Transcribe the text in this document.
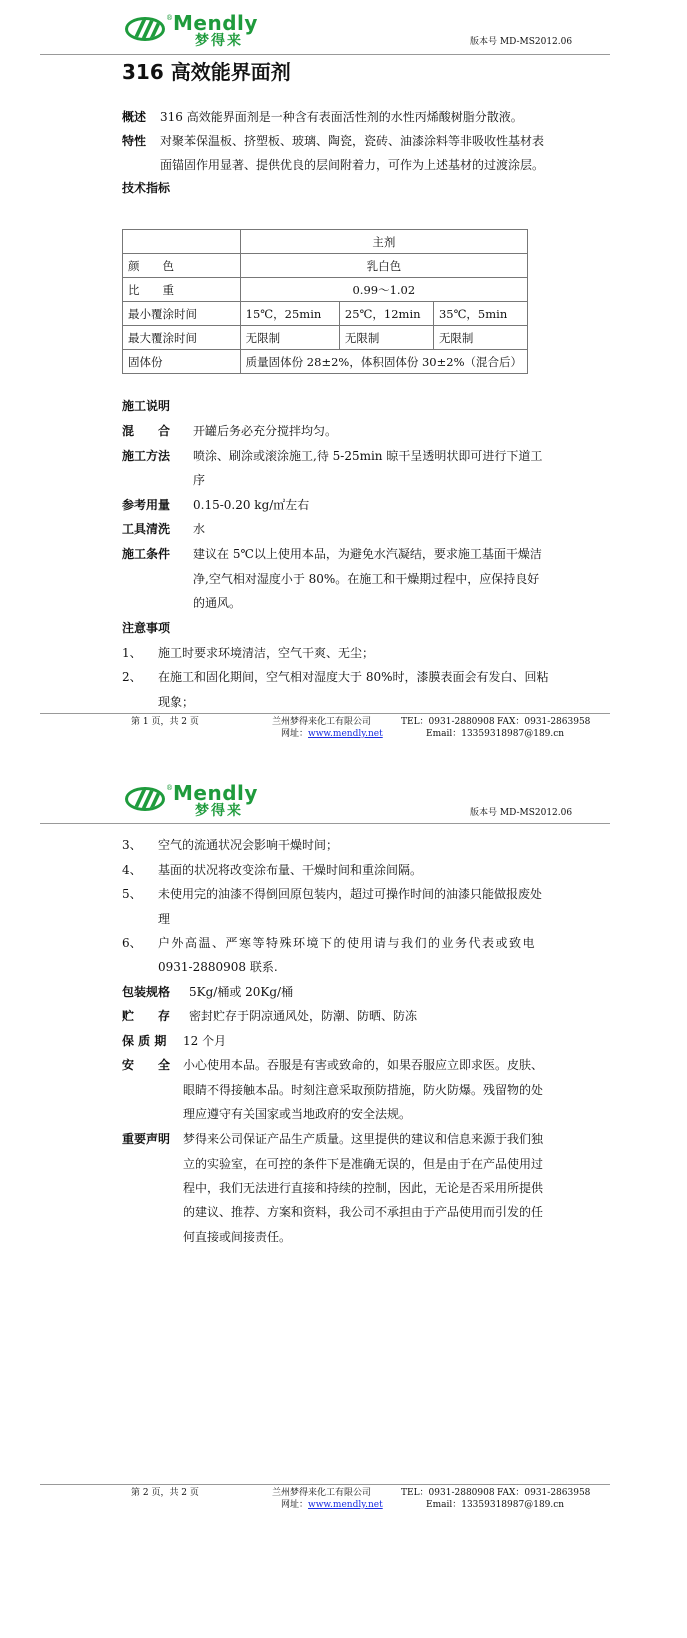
® Mendly
梦得来	版本号 MD-MS2012.06
316 高效能界面剂
概述 316 高效能界面剂是一种含有表面活性剂的水性丙烯酸树脂分散液。
特性 对聚苯保温板、挤塑板、玻璃、陶瓷，瓷砖、油漆涂料等非吸收性基材表
面锚固作用显著、提供优良的层间附着力，可作为上述基材的过渡涂层。
技术指标
	主剂		
颜　　色	乳白色		
比　　重	0.99～1.02		
最小覆涂时间	15℃，25min	25℃，12min	35℃，5min
最大覆涂时间	无限制	无限制	无限制
固体份	质量固体份 28±2%，体积固体份 30±2%（混合后）		
施工说明
混　　合 开罐后务必充分搅拌均匀。
施工方法 喷涂、刷涂或滚涂施工,待 5-25min 晾干呈透明状即可进行下道工
序
参考用量 0.15-0.20 kg/㎡左右
工具清洗 水
施工条件 建议在 5℃以上使用本品，为避免水汽凝结，要求施工基面干燥洁
净,空气相对湿度小于 80%。在施工和干燥期过程中，应保持良好
的通风。
注意事项
1、 施工时要求环境清洁，空气干爽、无尘；
2、 在施工和固化期间，空气相对湿度大于 80%时，漆膜表面会有发白、回粘
现象；
第 1 页，共 2 页	兰州梦得来化工有限公司	TEL：0931-2880908 FAX：0931-2863958
网址：www.mendly.net	Email：13359318987@189.cn
® Mendly
梦得来	版本号 MD-MS2012.06
3、 空气的流通状况会影响干燥时间；
4、 基面的状况将改变涂布量、干燥时间和重涂间隔。
5、 未使用完的油漆不得倒回原包装内，超过可操作时间的油漆只能做报废处
理
6、 户外高温、严寒等特殊环境下的使用请与我们的业务代表或致电
0931-2880908 联系.
包装规格 5Kg/桶或 20Kg/桶
贮　　存 密封贮存于阴凉通风处，防潮、防晒、防冻
保 质 期 12 个月
安　　全 小心使用本品。吞服是有害或致命的，如果吞服应立即求医。皮肤、
眼睛不得接触本品。时刻注意采取预防措施，防火防爆。残留物的处
理应遵守有关国家或当地政府的安全法规。
重要声明 梦得来公司保证产品生产质量。这里提供的建议和信息来源于我们独
立的实验室，在可控的条件下是准确无误的，但是由于在产品使用过
程中，我们无法进行直接和持续的控制，因此，无论是否采用所提供
的建议、推荐、方案和资料，我公司不承担由于产品使用而引发的任
何直接或间接责任。
第 2 页，共 2 页	兰州梦得来化工有限公司	TEL：0931-2880908 FAX：0931-2863958
网址：www.mendly.net	Email：13359318987@189.cn
